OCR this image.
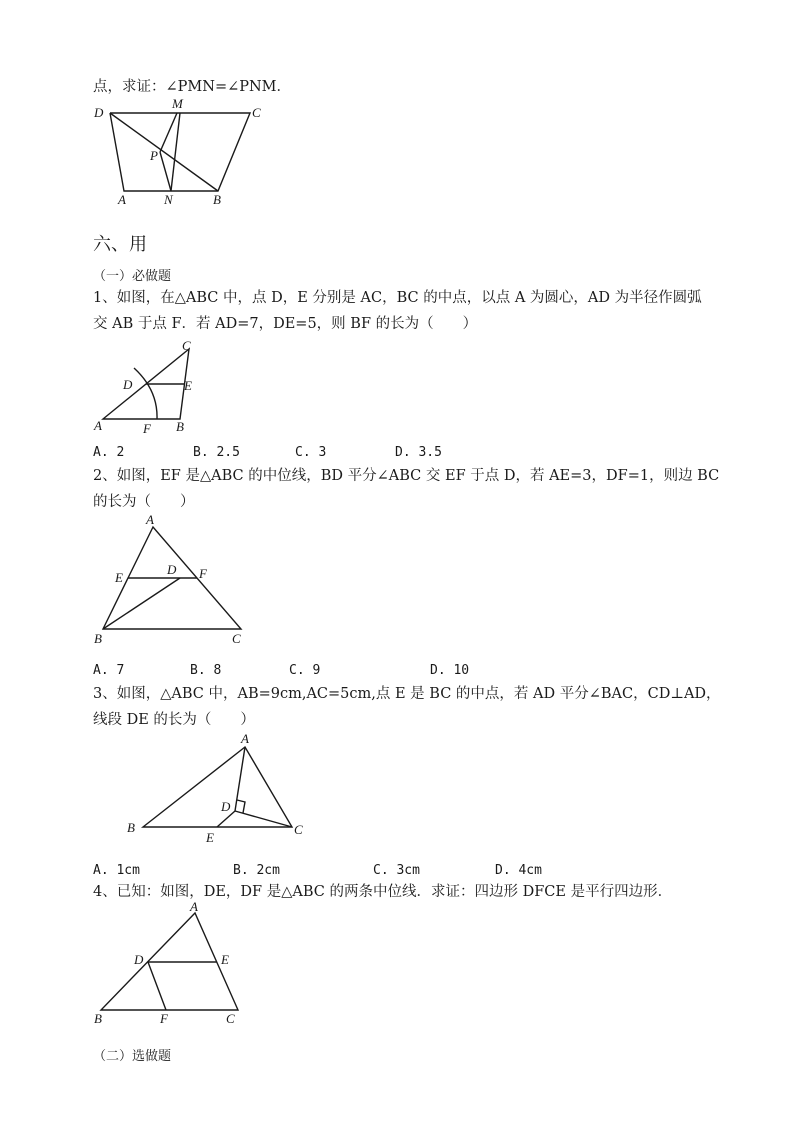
点，求证：∠PMN=∠PNM．
D
M
C
P
A	N	B
六、用
（一）必做题
1、如图，在△ABC 中，点 D，E 分别是 AC，BC 的中点，以点 A 为圆心，AD 为半径作圆弧
交 AB 于点 F．若 AD=7，DE=5，则 BF 的长为（　　）
C
D	E
A	F B
A. 2	B. 2.5	C. 3	D. 3.5
2、如图，EF 是△ABC 的中位线，BD 平分∠ABC 交 EF 于点 D，若 AE=3，DF=1，则边 BC
的长为（　　）
A
E
D F
B	C
A. 7	B. 8	C. 9	D. 10
3、如图，△ABC 中，AB=9cm,AC=5cm,点 E 是 BC 的中点，若 AD 平分∠BAC，CD⊥AD，
线段 DE 的长为（　　）
A
D
B
E
C
A. 1cm	B. 2cm	C. 3cm	D. 4cm
4、已知：如图，DE，DF 是△ABC 的两条中位线．求证：四边形 DFCE 是平行四边形．
A
D	E
B	F	C
（二）选做题
